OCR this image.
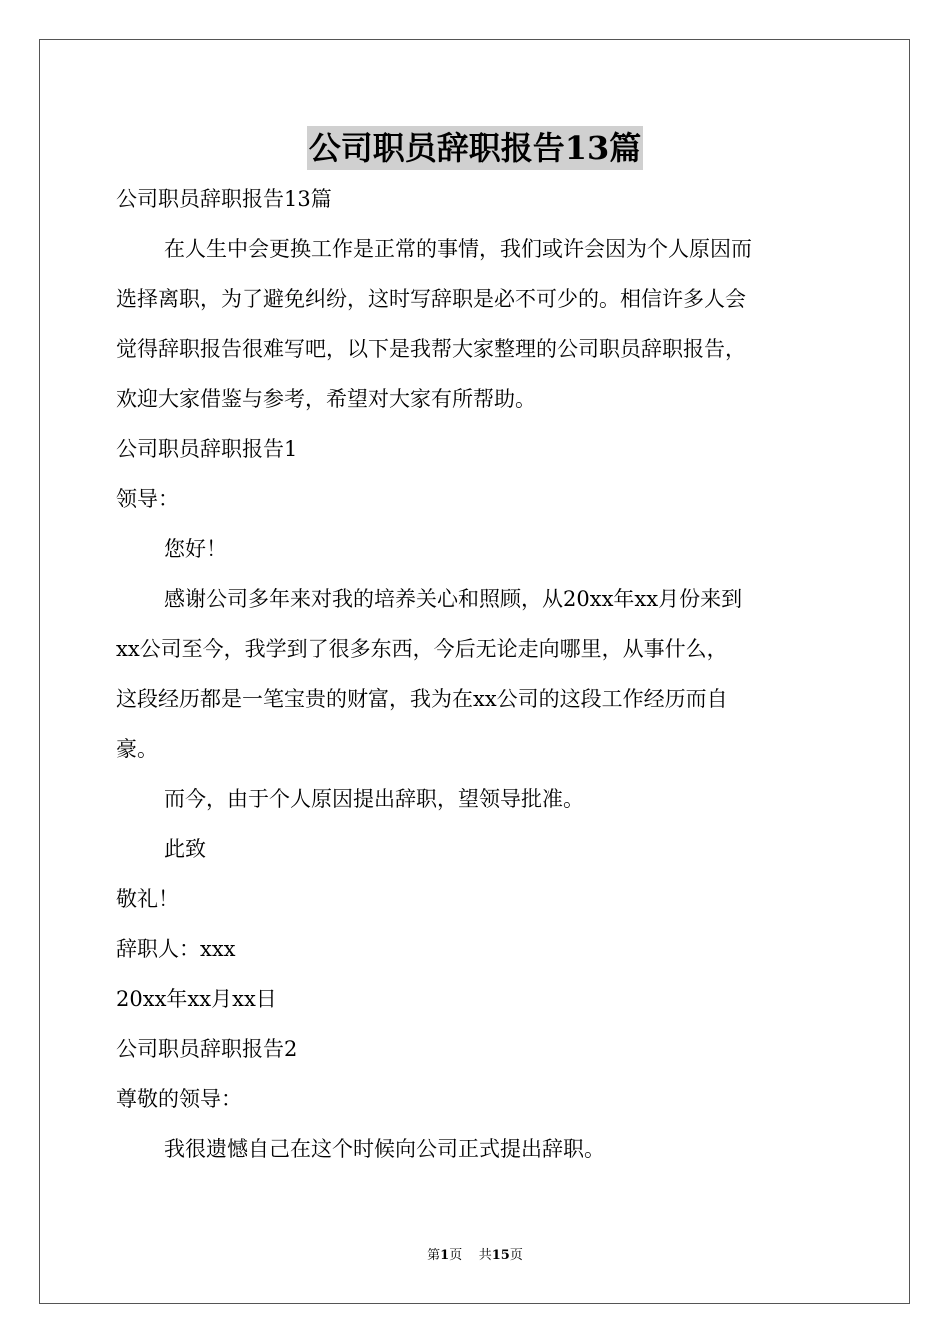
公司职员辞职报告13篇
公司职员辞职报告13篇
在人生中会更换工作是正常的事情，我们或许会因为个人原因而
选择离职，为了避免纠纷，这时写辞职是必不可少的。相信许多人会
觉得辞职报告很难写吧，以下是我帮大家整理的公司职员辞职报告，
欢迎大家借鉴与参考，希望对大家有所帮助。
公司职员辞职报告1
领导：
您好！
感谢公司多年来对我的培养关心和照顾，从20xx年xx月份来到
xx公司至今，我学到了很多东西，今后无论走向哪里，从事什么，
这段经历都是一笔宝贵的财富，我为在xx公司的这段工作经历而自
豪。
而今，由于个人原因提出辞职，望领导批准。
此致
敬礼！
辞职人：xxx
20xx年xx月xx日
公司职员辞职报告2
尊敬的领导：
我很遗憾自己在这个时候向公司正式提出辞职。
第1页 共15页
